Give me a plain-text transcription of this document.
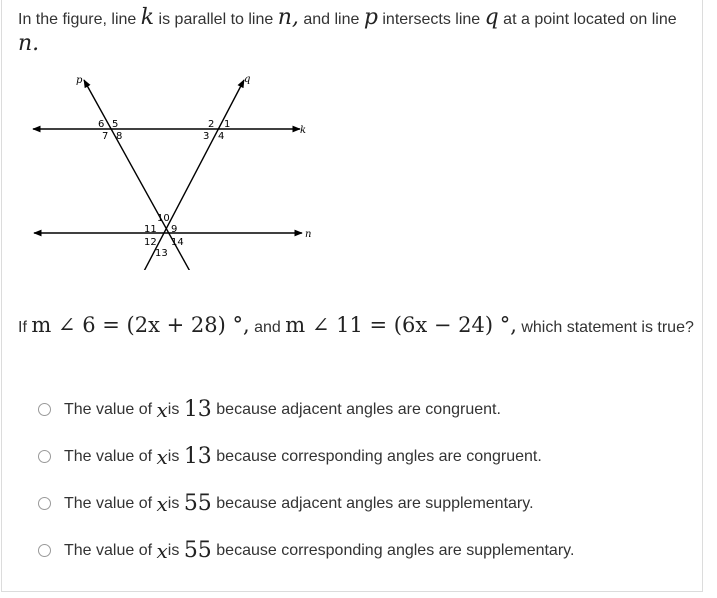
In the figure, line k is parallel to line n, and line p intersects line q at a point located on line n.
p	q
k
n
6 5
7 8
2 1
3 4
10
11 9
12 14
13
If m ∠ 6 = (2x + 28) °, and m ∠ 11 = (6x − 24) °, which statement is true?
The value of
x is
13
because adjacent angles are congruent.
The value of
x is
13
because corresponding angles are congruent.
The value of
x is
55
because adjacent angles are supplementary.
The value of
x is
55
because corresponding angles are supplementary.
